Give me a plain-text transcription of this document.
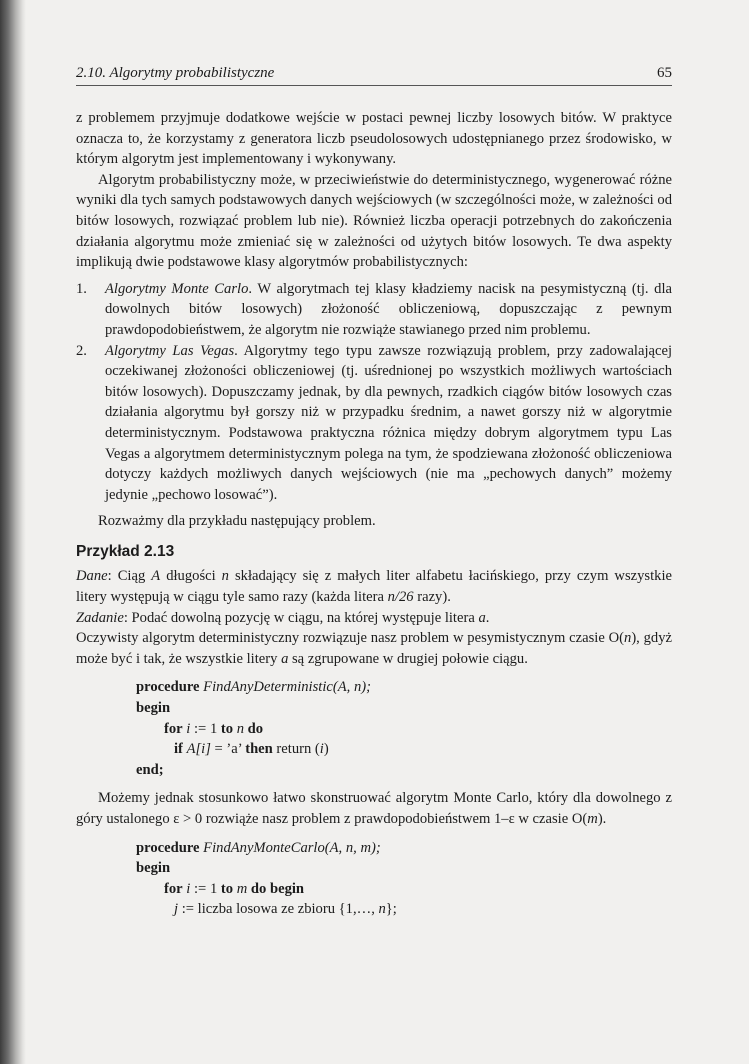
2.10. Algorytmy probabilistyczne	65

z problemem przyjmuje dodatkowe wejście w postaci pewnej liczby losowych bitów. W praktyce oznacza to, że korzystamy z generatora liczb pseudolosowych udostępnianego przez środowisko, w którym algorytm jest implementowany i wykonywany.

Algorytm probabilistyczny może, w przeciwieństwie do deterministycznego, wygenerować różne wyniki dla tych samych podstawowych danych wejściowych (w szczególności może, w zależności od bitów losowych, rozwiązać problem lub nie). Również liczba operacji potrzebnych do zakończenia działania algorytmu może zmieniać się w zależności od użytych bitów losowych. Te dwa aspekty implikują dwie podstawowe klasy algorytmów probabilistycznych:

1. Algorytmy Monte Carlo. W algorytmach tej klasy kładziemy nacisk na pesymistyczną (tj. dla dowolnych bitów losowych) złożoność obliczeniową, dopuszczając z pewnym prawdopodobieństwem, że algorytm nie rozwiąże stawianego przed nim problemu.
2. Algorytmy Las Vegas. Algorytmy tego typu zawsze rozwiązują problem, przy zadowalającej oczekiwanej złożoności obliczeniowej (tj. uśrednionej po wszystkich możliwych wartościach bitów losowych). Dopuszczamy jednak, by dla pewnych, rzadkich ciągów bitów losowych czas działania algorytmu był gorszy niż w przypadku średnim, a nawet gorszy niż w algorytmie deterministycznym. Podstawowa praktyczna różnica między dobrym algorytmem typu Las Vegas a algorytmem deterministycznym polega na tym, że spodziewana złożoność obliczeniowa dotyczy każdych możliwych danych wejściowych (nie ma „pechowych danych” możemy jedynie „pechowo losować”).

Rozważmy dla przykładu następujący problem.

Przykład 2.13

Dane: Ciąg A długości n składający się z małych liter alfabetu łacińskiego, przy czym wszystkie litery występują w ciągu tyle samo razy (każda litera n/26 razy).

Zadanie: Podać dowolną pozycję w ciągu, na której występuje litera a.

Oczywisty algorytm deterministyczny rozwiązuje nasz problem w pesymistycznym czasie O(n), gdyż może być i tak, że wszystkie litery a są zgrupowane w drugiej połowie ciągu.

procedure FindAnyDeterministic(A, n);
begin
for i := 1 to n do
if A[i] = ’a’ then return (i)
end;

Możemy jednak stosunkowo łatwo skonstruować algorytm Monte Carlo, który dla dowolnego z góry ustalonego ε > 0 rozwiąże nasz problem z prawdopodobieństwem 1–ε w czasie O(m).

procedure FindAnyMonteCarlo(A, n, m);
begin
for i := 1 to m do begin
j := liczba losowa ze zbioru {1,…, n};
